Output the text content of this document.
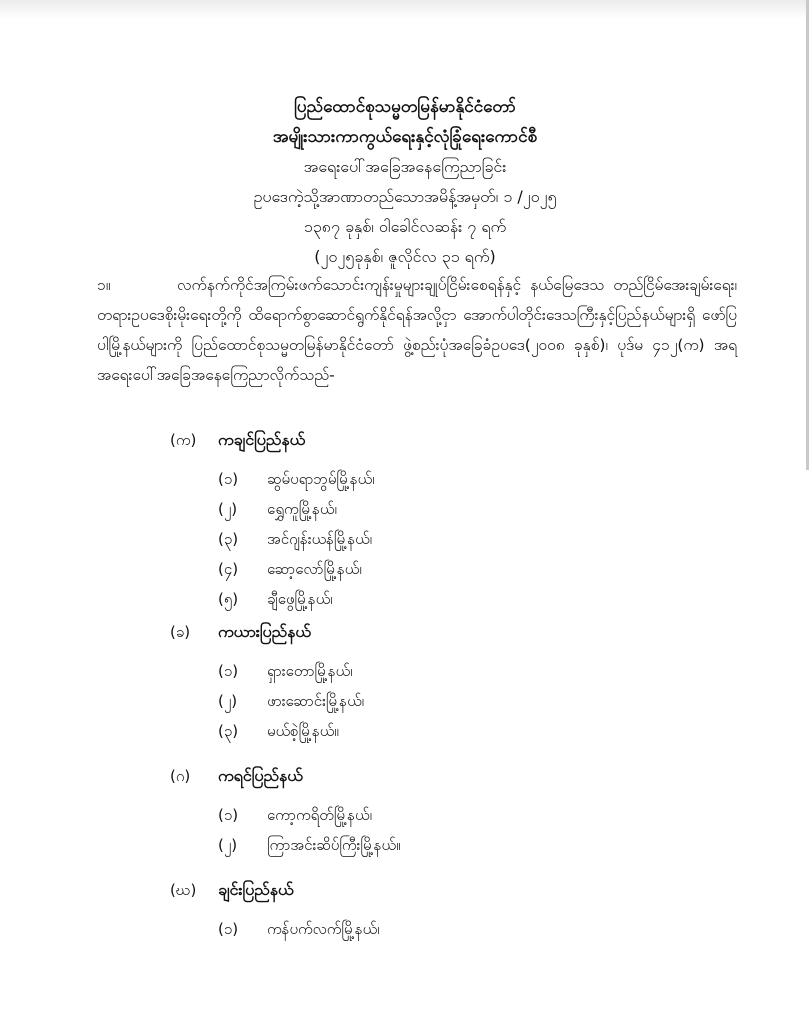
ပြည်ထောင်စုသမ္မတမြန်မာနိုင်ငံတော်
အမျိုးသားကာကွယ်ရေးနှင့်လုံခြုံရေးကောင်စီ
အရေးပေါ်အခြေအနေကြေညာခြင်း
ဥပဒေကဲ့သို့အာဏာတည်သောအမိန့်အမှတ်၊ ၁ /၂၀၂၅
၁၃၈၇ ခုနှစ်၊ ဝါခေါင်လဆန်း ၇ ရက်
(၂၀၂၅ခုနှစ်၊ ဇူလိုင်လ ၃၁ ရက်)
၁။	လက်နက်ကိုင်အကြမ်းဖက်သောင်းကျန်းမှုများချုပ်ငြိမ်းစေရန်နှင့် နယ်မြေဒေသ တည်ငြိမ်အေးချမ်းရေး၊ တရားဥပဒေစိုးမိုးရေးတို့ကို ထိရောက်စွာဆောင်ရွက်နိုင်ရန်အလို့ငှာ အောက်ပါတိုင်းဒေသကြီးနှင့်ပြည်နယ်များရှိ ဖော်ပြပါမြို့နယ်များကို ပြည်ထောင်စုသမ္မတမြန်မာနိုင်ငံတော် ဖွဲ့စည်းပုံအခြေခံဥပဒေ(၂၀၀၈ ခုနှစ်)၊ ပုဒ်မ ၄၁၂(က) အရ အရေးပေါ်အခြေအနေကြေညာလိုက်သည်-
(က) ကချင်ပြည်နယ်
(၁) ဆွမ်ပရာဘွမ်မြို့နယ်၊
(၂) ရွှေကူမြို့နယ်၊
(၃) အင်ဂျန်းယန်မြို့နယ်၊
(၄) ဆော့လော်မြို့နယ်၊
(၅) ချီဖွေမြို့နယ်၊
(ခ) ကယားပြည်နယ်
(၁) ရှားတောမြို့နယ်၊
(၂) ဖားဆောင်းမြို့နယ်၊
(၃) မယ်စဲ့မြို့နယ်။
(ဂ) ကရင်ပြည်နယ်
(၁) ကော့ကရိတ်မြို့နယ်၊
(၂) ကြာအင်းဆိပ်ကြီးမြို့နယ်။
(ဃ) ချင်းပြည်နယ်
(၁) ကန်ပက်လက်မြို့နယ်၊
